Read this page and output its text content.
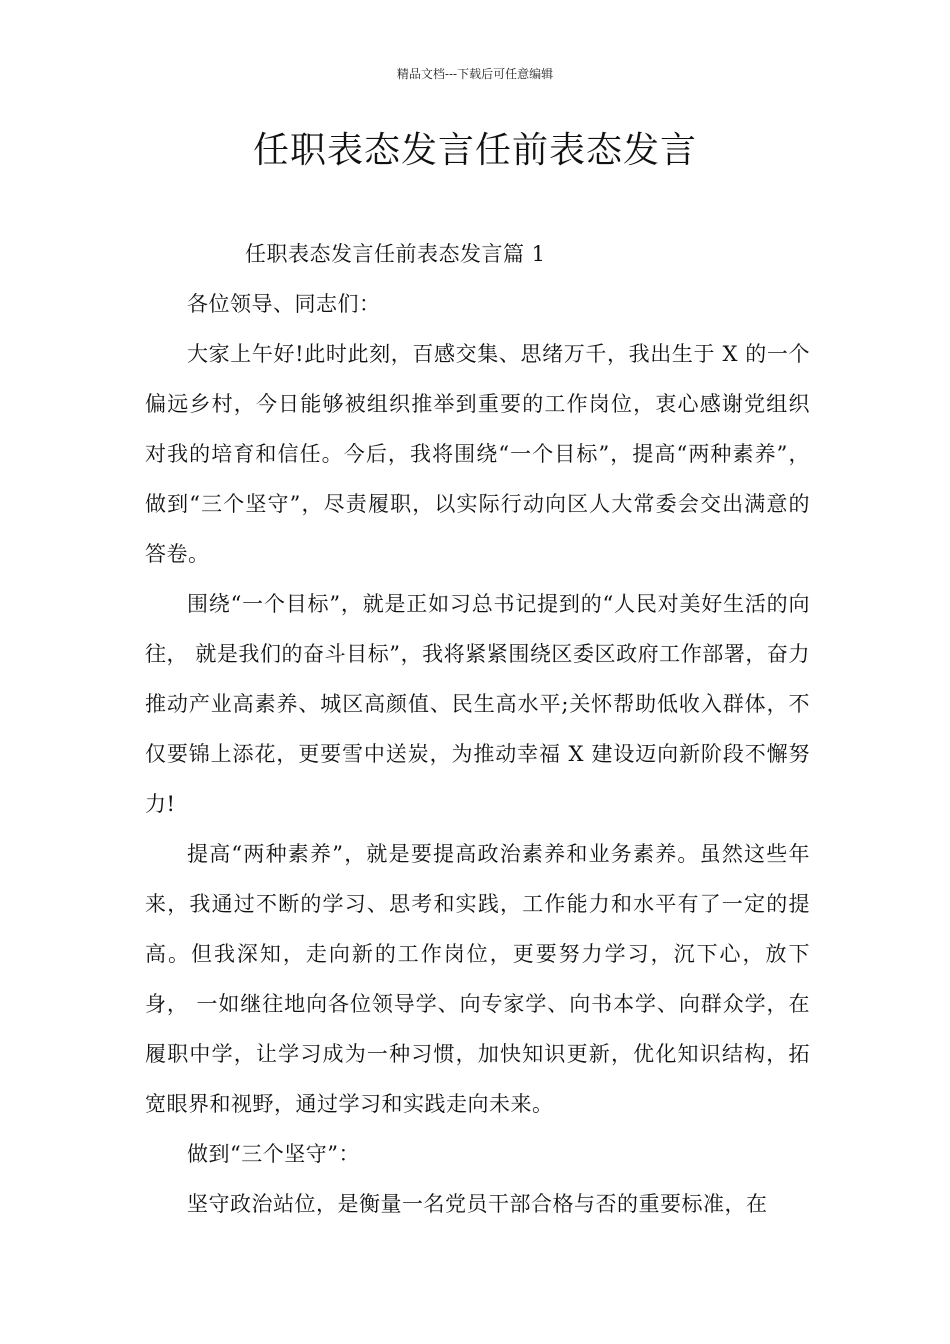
精品文档---下载后可任意编辑
任职表态发言任前表态发言

任职表态发言任前表态发言篇 1

各位领导、同志们：

大家上午好!此时此刻，百感交集、思绪万千，我出生于 X 的一个偏远乡村，今日能够被组织推举到重要的工作岗位，衷心感谢党组织对我的培育和信任。今后，我将围绕“一个目标”，提高“两种素养”， 做到“三个坚守”，尽责履职，以实际行动向区人大常委会交出满意的答卷。

围绕“一个目标”，就是正如习总书记提到的“人民对美好生活的向往， 就是我们的奋斗目标”，我将紧紧围绕区委区政府工作部署，奋力推动产业高素养、城区高颜值、民生高水平;关怀帮助低收入群体，不仅要锦上添花，更要雪中送炭，为推动幸福 X 建设迈向新阶段不懈努力!

提高“两种素养”，就是要提高政治素养和业务素养。虽然这些年来，我通过不断的学习、思考和实践，工作能力和水平有了一定的提高。但我深知，走向新的工作岗位，更要努力学习，沉下心，放下身， 一如继往地向各位领导学、向专家学、向书本学、向群众学，在履职中学，让学习成为一种习惯，加快知识更新，优化知识结构，拓宽眼界和视野，通过学习和实践走向未来。

做到“三个坚守”：

坚守政治站位，是衡量一名党员干部合格与否的重要标准，在
